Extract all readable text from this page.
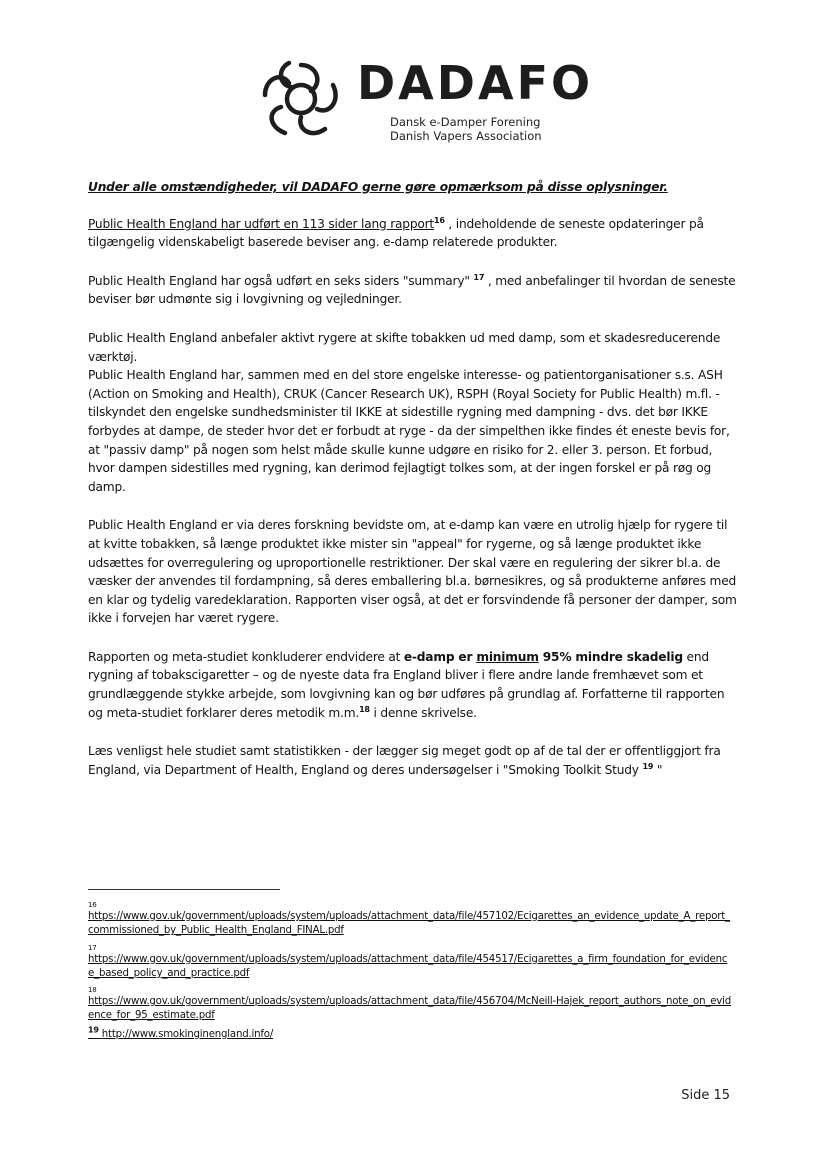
DADAFO
Dansk e-Damper Forening
Danish Vapers Association

Under alle omstændigheder, vil DADAFO gerne gøre opmærksom på disse oplysninger.

Public Health England har udført en 113 sider lang rapport$^{16}$ , indeholdende de seneste opdateringer på tilgængelig videnskabeligt baserede beviser ang. e-damp relaterede produkter.

Public Health England har også udført en seks siders "summary" $^{17}$ , med anbefalinger til hvordan de seneste beviser bør udmønte sig i lovgivning og vejledninger.

Public Health England anbefaler aktivt rygere at skifte tobakken ud med damp, som et skadesreducerende værktøj.
Public Health England har, sammen med en del store engelske interesse- og patientorganisationer s.s. ASH (Action on Smoking and Health), CRUK (Cancer Research UK), RSPH (Royal Society for Public Health) m.fl. - tilskyndet den engelske sundhedsminister til IKKE at sidestille rygning med dampning - dvs. det bør IKKE forbydes at dampe, de steder hvor det er forbudt at ryge - da der simpelthen ikke findes ét eneste bevis for, at "passiv damp" på nogen som helst måde skulle kunne udgøre en risiko for 2. eller 3. person. Et forbud, hvor dampen sidestilles med rygning, kan derimod fejlagtigt tolkes som, at der ingen forskel er på røg og damp.

Public Health England er via deres forskning bevidste om, at e-damp kan være en utrolig hjælp for rygere til at kvitte tobakken, så længe produktet ikke mister sin "appeal" for rygerne, og så længe produktet ikke udsættes for overregulering og uproportionelle restriktioner. Der skal være en regulering der sikrer bl.a. de væsker der anvendes til fordampning, så deres emballering bl.a. børnesikres, og så produkterne anføres med en klar og tydelig varedeklaration. Rapporten viser også, at det er forsvindende få personer der damper, som ikke i forvejen har været rygere.

Rapporten og meta-studiet konkluderer endvidere at e-damp er minimum 95% mindre skadelig end rygning af tobakscigaretter – og de nyeste data fra England bliver i flere andre lande fremhævet som et grundlæggende stykke arbejde, som lovgivning kan og bør udføres på grundlag af. Forfatterne til rapporten og meta-studiet forklarer deres metodik m.m.$^{18}$ i denne skrivelse.

Læs venligst hele studiet samt statistikken - der lægger sig meget godt op af de tal der er offentliggjort fra England, via Department of Health, England og deres undersøgelser i "Smoking Toolkit Study $^{19}$ "

16

https://www.gov.uk/government/uploads/system/uploads/attachment_data/file/457102/Ecigarettes_an_evidence_update_A_report_commissioned_by_Public_Health_England_FINAL.pdf

17

https://www.gov.uk/government/uploads/system/uploads/attachment_data/file/454517/Ecigarettes_a_firm_foundation_for_evidence_based_policy_and_practice.pdf

18

https://www.gov.uk/government/uploads/system/uploads/attachment_data/file/456704/McNeill-Hajek_report_authors_note_on_evidence_for_95_estimate.pdf

$^{19}$ http://www.smokinginengland.info/

Side 15
